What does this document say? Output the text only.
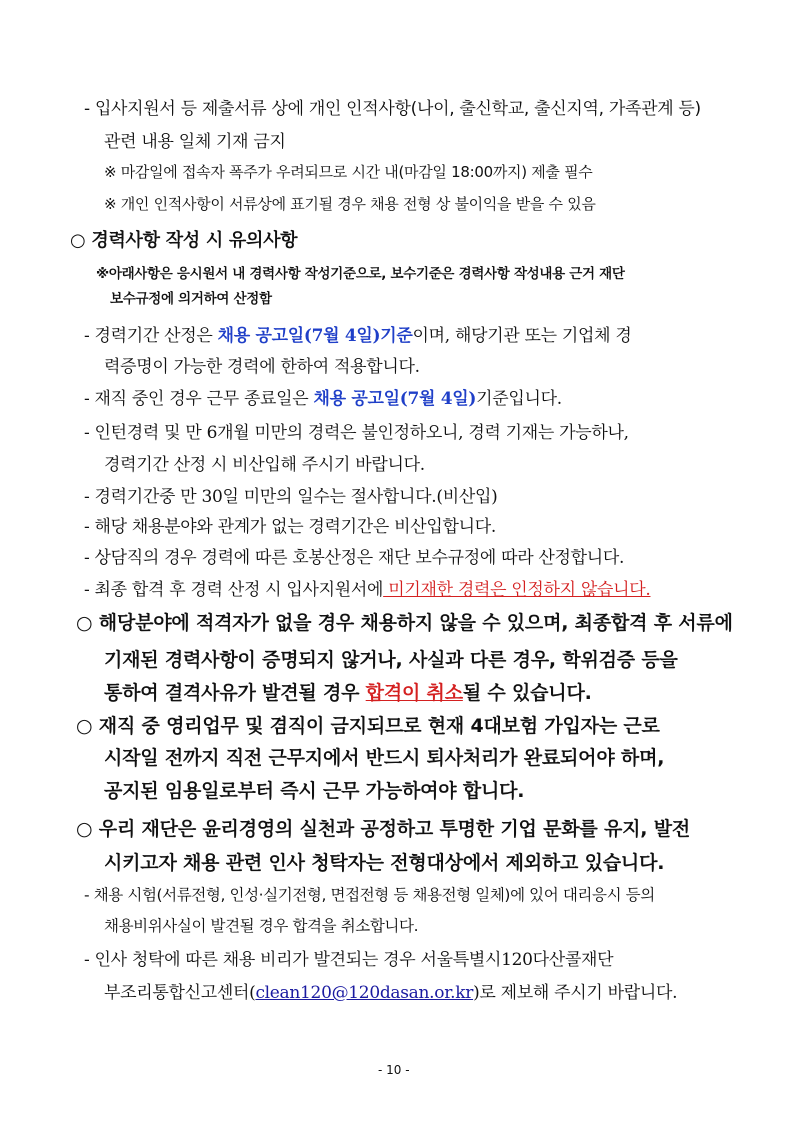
- 입사지원서 등 제출서류 상에 개인 인적사항(나이, 출신학교, 출신지역, 가족관계 등)
관련 내용 일체 기재 금지
※ 마감일에 접속자 폭주가 우려되므로 시간 내(마감일 18:00까지) 제출 필수
※ 개인 인적사항이 서류상에 표기될 경우 채용 전형 상 불이익을 받을 수 있음
○ 경력사항 작성 시 유의사항
※아래사항은 응시원서 내 경력사항 작성기준으로, 보수기준은 경력사항 작성내용 근거 재단
보수규정에 의거하여 산정함
- 경력기간 산정은 채용 공고일(7월 4일)기준이며, 해당기관 또는 기업체 경
력증명이 가능한 경력에 한하여 적용합니다.
- 재직 중인 경우 근무 종료일은 채용 공고일(7월 4일)기준입니다.
- 인턴경력 및 만 6개월 미만의 경력은 불인정하오니, 경력 기재는 가능하나,
경력기간 산정 시 비산입해 주시기 바랍니다.
- 경력기간중 만 30일 미만의 일수는 절사합니다.(비산입)
- 해당 채용분야와 관계가 없는 경력기간은 비산입합니다.
- 상담직의 경우 경력에 따른 호봉산정은 재단 보수규정에 따라 산정합니다.
- 최종 합격 후 경력 산정 시 입사지원서에 미기재한 경력은 인정하지 않습니다.
○ 해당분야에 적격자가 없을 경우 채용하지 않을 수 있으며, 최종합격 후 서류에
기재된 경력사항이 증명되지 않거나, 사실과 다른 경우, 학위검증 등을
통하여 결격사유가 발견될 경우 합격이 취소될 수 있습니다.
○ 재직 중 영리업무 및 겸직이 금지되므로 현재 4대보험 가입자는 근로
시작일 전까지 직전 근무지에서 반드시 퇴사처리가 완료되어야 하며,
공지된 임용일로부터 즉시 근무 가능하여야 합니다.
○ 우리 재단은 윤리경영의 실천과 공정하고 투명한 기업 문화를 유지, 발전
시키고자 채용 관련 인사 청탁자는 전형대상에서 제외하고 있습니다.
- 채용 시험(서류전형, 인성·실기전형, 면접전형 등 채용전형 일체)에 있어 대리응시 등의
채용비위사실이 발견될 경우 합격을 취소합니다.
- 인사 청탁에 따른 채용 비리가 발견되는 경우 서울특별시120다산콜재단
부조리통합신고센터(clean120@120dasan.or.kr)로 제보해 주시기 바랍니다.
- 10 -
